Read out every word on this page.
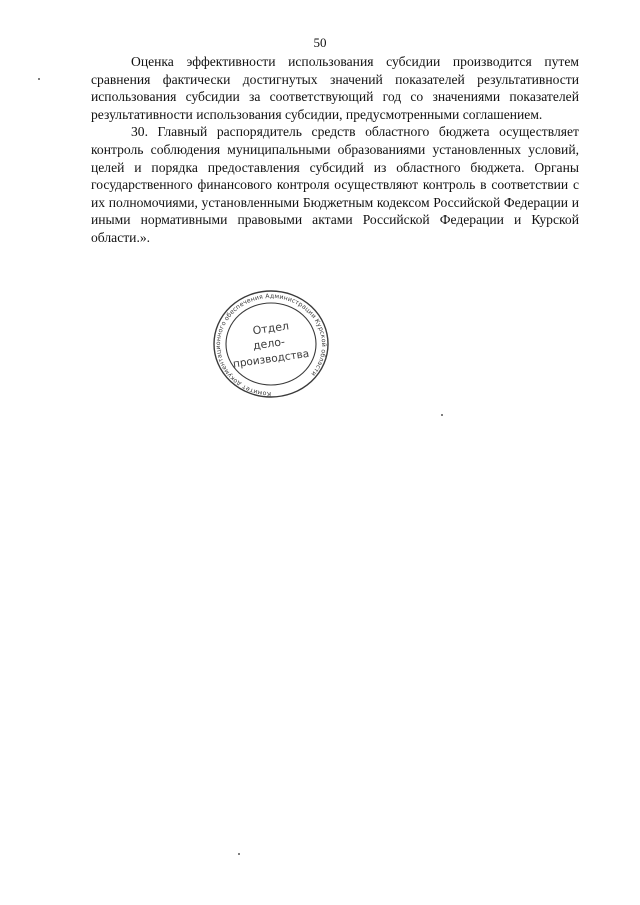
50

Оценка эффективности использования субсидии производится путем сравнения фактически достигнутых значений показателей результативности использования субсидии за соответствующий год со значениями показателей результативности использования субсидии, предусмотренными соглашением.

30. Главный распорядитель средств областного бюджета осуществляет контроль соблюдения муниципальными образованиями установленных условий, целей и порядка предоставления субсидий из областного бюджета. Органы государственного финансового контроля осуществляют контроль в соответствии с их полномочиями, установленными Бюджетным кодексом Российской Федерации и иными нормативными правовыми актами Российской Федерации и Курской области.».

Комитет документационного обеспечения Администрации Курской области
Отдел
дело-
производства
